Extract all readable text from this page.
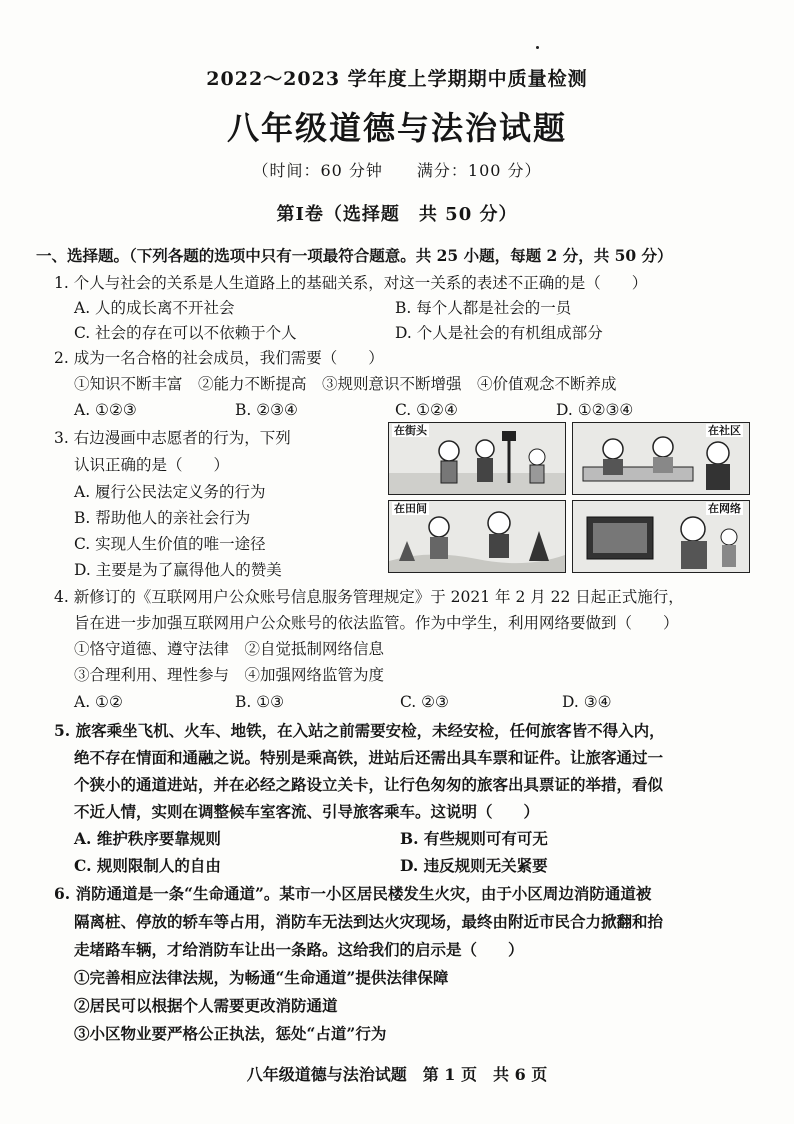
2022～2023 学年度上学期期中质量检测
八年级道德与法治试题
（时间：60 分钟　　满分：100 分）
第Ⅰ卷（选择题　共 50 分）
一、选择题。（下列各题的选项中只有一项最符合题意。共 25 小题，每题 2 分，共 50 分）
1. 个人与社会的关系是人生道路上的基础关系，对这一关系的表述不正确的是（　　）
A. 人的成长离不开社会	B. 每个人都是社会的一员
C. 社会的存在可以不依赖于个人	D. 个人是社会的有机组成部分
2. 成为一名合格的社会成员，我们需要（　　）
①知识不断丰富　②能力不断提高　③规则意识不断增强　④价值观念不断养成
A. ①②③	B. ②③④	C. ①②④	D. ①②③④
3. 右边漫画中志愿者的行为，下列
认识正确的是（　　）
A. 履行公民法定义务的行为
B. 帮助他人的亲社会行为
C. 实现人生价值的唯一途径
D. 主要是为了赢得他人的赞美
在街头	在社区
在田间	在网络
4. 新修订的《互联网用户公众账号信息服务管理规定》于 2021 年 2 月 22 日起正式施行，
旨在进一步加强互联网用户公众账号的依法监管。作为中学生，利用网络要做到（　　）
①恪守道德、遵守法律　②自觉抵制网络信息
③合理利用、理性参与　④加强网络监管为度
A. ①②	B. ①③	C. ②③	D. ③④
5. 旅客乘坐飞机、火车、地铁，在入站之前需要安检，未经安检，任何旅客皆不得入内，
绝不存在情面和通融之说。特别是乘高铁，进站后还需出具车票和证件。让旅客通过一
个狭小的通道进站，并在必经之路设立关卡，让行色匆匆的旅客出具票证的举措，看似
不近人情，实则在调整候车室客流、引导旅客乘车。这说明（　　）
A. 维护秩序要靠规则	B. 有些规则可有可无
C. 规则限制人的自由	D. 违反规则无关紧要
6. 消防通道是一条“生命通道”。某市一小区居民楼发生火灾，由于小区周边消防通道被
隔离桩、停放的轿车等占用，消防车无法到达火灾现场，最终由附近市民合力掀翻和抬
走堵路车辆，才给消防车让出一条路。这给我们的启示是（　　）
①完善相应法律法规，为畅通“生命通道”提供法律保障
②居民可以根据个人需要更改消防通道
③小区物业要严格公正执法，惩处“占道”行为
八年级道德与法治试题　第 1 页　共 6 页
